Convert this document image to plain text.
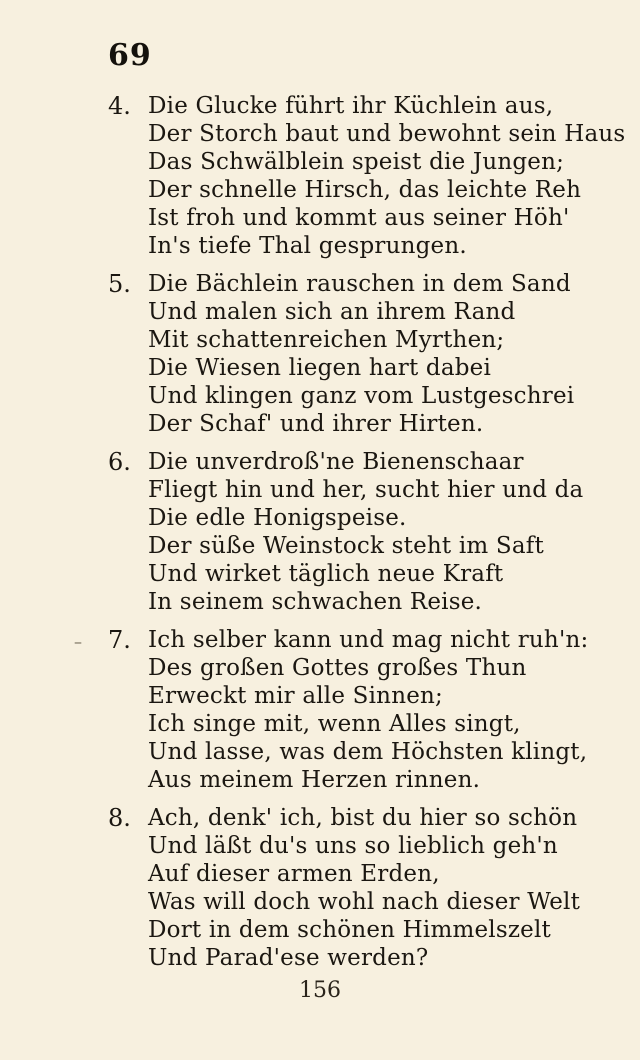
69
4. Die Glucke führt ihr Küchlein aus,
Der Storch baut und bewohnt sein Haus
Das Schwälblein speist die Jungen;
Der schnelle Hirsch, das leichte Reh
Ist froh und kommt aus seiner Höh'
In's tiefe Thal gesprungen.
5. Die Bächlein rauschen in dem Sand
Und malen sich an ihrem Rand
Mit schattenreichen Myrthen;
Die Wiesen liegen hart dabei
Und klingen ganz vom Lustgeschrei
Der Schaf' und ihrer Hirten.
6. Die unverdroß'ne Bienenschaar
Fliegt hin und her, sucht hier und da
Die edle Honigspeise.
Der süße Weinstock steht im Saft
Und wirket täglich neue Kraft
In seinem schwachen Reise.
– 7. Ich selber kann und mag nicht ruh'n:
Des großen Gottes großes Thun
Erweckt mir alle Sinnen;
Ich singe mit, wenn Alles singt,
Und lasse, was dem Höchsten klingt,
Aus meinem Herzen rinnen.
8. Ach, denk' ich, bist du hier so schön
Und läßt du's uns so lieblich geh'n
Auf dieser armen Erden,
Was will doch wohl nach dieser Welt
Dort in dem schönen Himmelszelt
Und Parad'ese werden?
156
